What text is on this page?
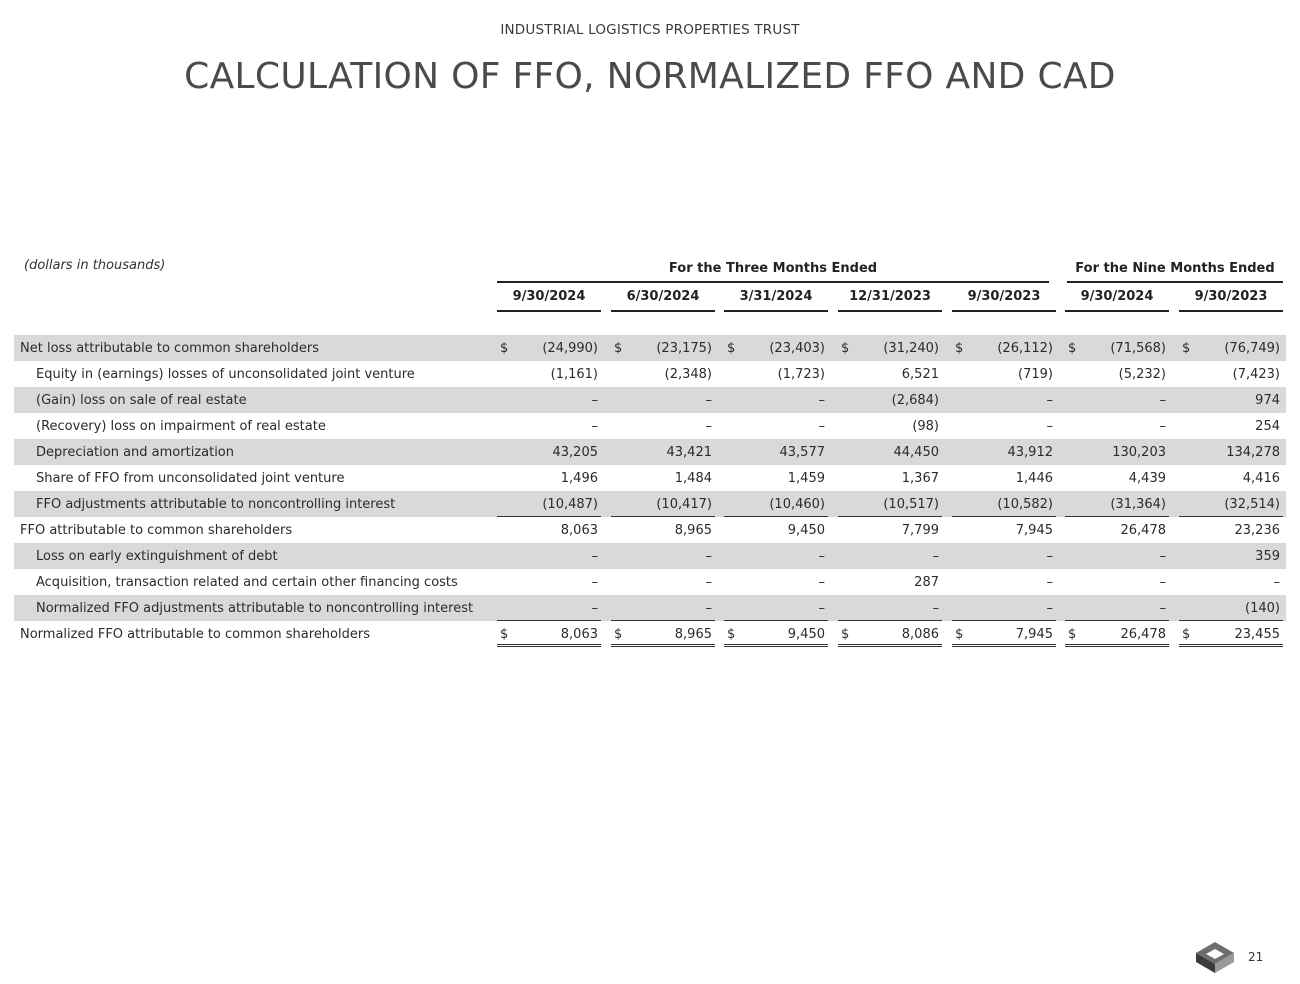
INDUSTRIAL LOGISTICS PROPERTIES TRUST
CALCULATION OF FFO, NORMALIZED FFO AND CAD
(dollars in thousands)	For the Three Months Ended	For the Nine Months Ended
9/30/2024	6/30/2024	3/31/2024	12/31/2023	9/30/2023	9/30/2024	9/30/2023
Net loss attributable to common shareholders	$	(24,990) $	(23,175) $	(23,403) $	(31,240) $	(26,112) $	(71,568) $	(76,749)
Equity in (earnings) losses of unconsolidated joint venture	(1,161)	(2,348)	(1,723)	6,521	(719)	(5,232)	(7,423)
(Gain) loss on sale of real estate	–	–	–	(2,684)	–	–	974
(Recovery) loss on impairment of real estate	–	–	–	(98)	–	–	254
Depreciation and amortization	43,205	43,421	43,577	44,450	43,912	130,203	134,278
Share of FFO from unconsolidated joint venture	1,496	1,484	1,459	1,367	1,446	4,439	4,416
FFO adjustments attributable to noncontrolling interest	(10,487)	(10,417)	(10,460)	(10,517)	(10,582)	(31,364)	(32,514)
FFO attributable to common shareholders	8,063	8,965	9,450	7,799	7,945	26,478	23,236
Loss on early extinguishment of debt	–	–	–	–	–	–	359
Acquisition, transaction related and certain other financing costs	–	–	–	287	–	–	–
Normalized FFO adjustments attributable to noncontrolling interest	–	–	–	–	–	–	(140)
Normalized FFO attributable to common shareholders	$	8,063 $	8,965 $	9,450 $	8,086 $	7,945 $	26,478 $	23,455
21
